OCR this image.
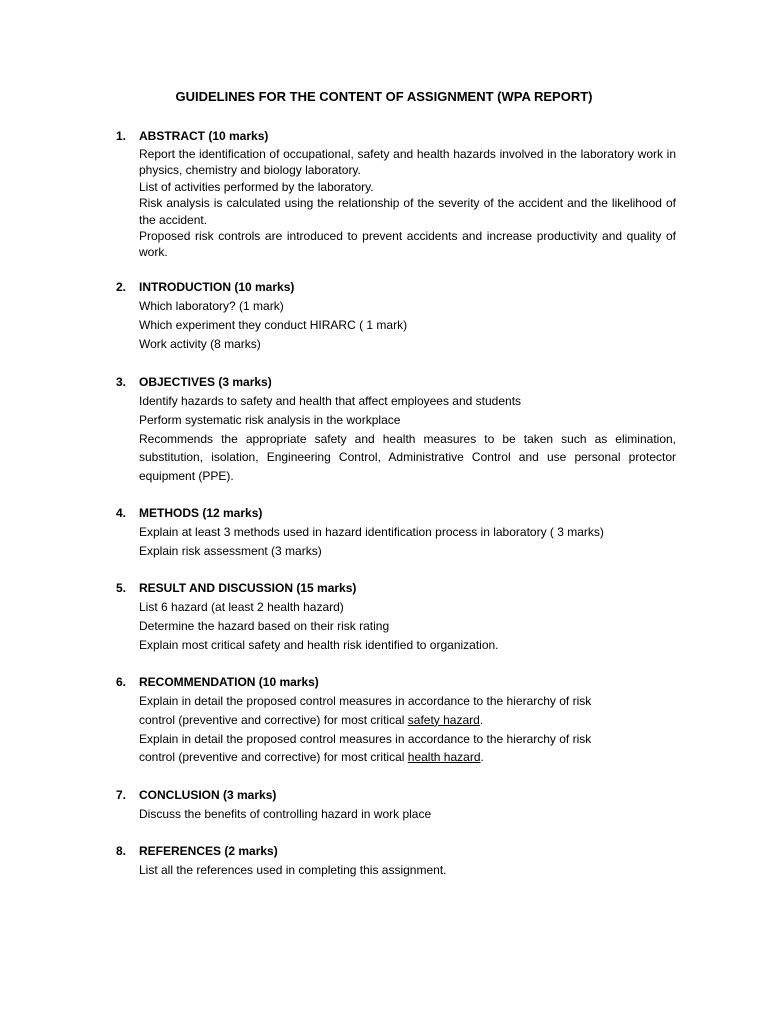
GUIDELINES FOR THE CONTENT OF ASSIGNMENT (WPA REPORT)
1. ABSTRACT (10 marks)

Report the identification of occupational, safety and health hazards involved in the laboratory work in physics, chemistry and biology laboratory.

List of activities performed by the laboratory.

Risk analysis is calculated using the relationship of the severity of the accident and the likelihood of the accident.

Proposed risk controls are introduced to prevent accidents and increase productivity and quality of work.

2. INTRODUCTION (10 marks)

Which laboratory? (1 mark)

Which experiment they conduct HIRARC ( 1 mark)

Work activity (8 marks)

3. OBJECTIVES (3 marks)

Identify hazards to safety and health that affect employees and students

Perform systematic risk analysis in the workplace

Recommends the appropriate safety and health measures to be taken such as elimination, substitution, isolation, Engineering Control, Administrative Control and use personal protector equipment (PPE).

4. METHODS (12 marks)

Explain at least 3 methods used in hazard identification process in laboratory ( 3 marks)

Explain risk assessment (3 marks)

5. RESULT AND DISCUSSION (15 marks)

List 6 hazard (at least 2 health hazard)

Determine the hazard based on their risk rating

Explain most critical safety and health risk identified to organization.

6. RECOMMENDATION (10 marks)

Explain in detail the proposed control measures in accordance to the hierarchy of risk

control (preventive and corrective) for most critical safety hazard.

Explain in detail the proposed control measures in accordance to the hierarchy of risk

control (preventive and corrective) for most critical health hazard.

7. CONCLUSION (3 marks)

Discuss the benefits of controlling hazard in work place

8. REFERENCES (2 marks)

List all the references used in completing this assignment.
